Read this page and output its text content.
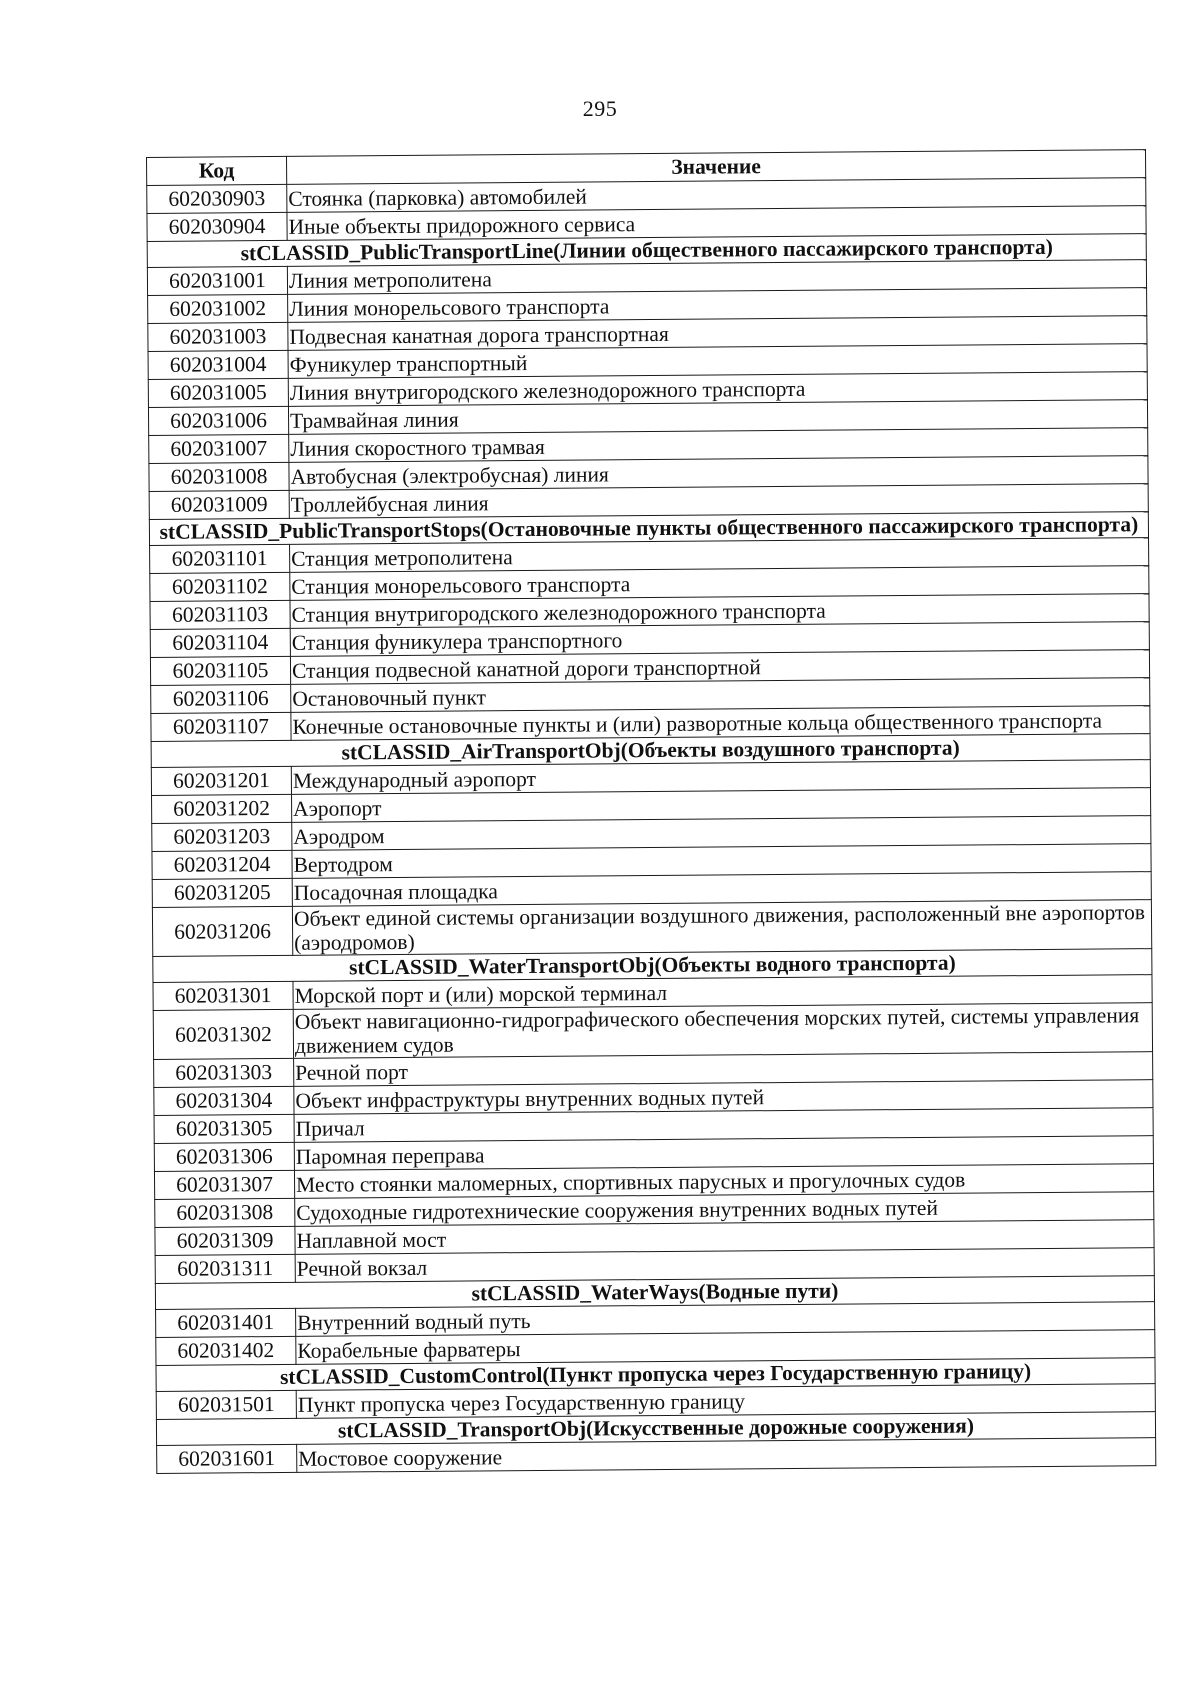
295
Код	Значение
602030903	Стоянка (парковка) автомобилей
602030904	Иные объекты придорожного сервиса
stCLASSID_PublicTransportLine(Линии общественного пассажирского транспорта)	
602031001	Линия метрополитена
602031002	Линия монорельсового транспорта
602031003	Подвесная канатная дорога транспортная
602031004	Фуникулер транспортный
602031005	Линия внутригородского железнодорожного транспорта
602031006	Трамвайная линия
602031007	Линия скоростного трамвая
602031008	Автобусная (электробусная) линия
602031009	Троллейбусная линия
stCLASSID_PublicTransportStops(Остановочные пункты общественного пассажирского транспорта)	
602031101	Станция метрополитена
602031102	Станция монорельсового транспорта
602031103	Станция внутригородского железнодорожного транспорта
602031104	Станция фуникулера транспортного
602031105	Станция подвесной канатной дороги транспортной
602031106	Остановочный пункт
602031107	Конечные остановочные пункты и (или) разворотные кольца общественного транспорта
stCLASSID_AirTransportObj(Объекты воздушного транспорта)	
602031201	Международный аэропорт
602031202	Аэропорт
602031203	Аэродром
602031204	Вертодром
602031205	Посадочная площадка
602031206	Объект единой системы организации воздушного движения, расположенный вне аэропортов (аэродромов)
stCLASSID_WaterTransportObj(Объекты водного транспорта)	
602031301	Морской порт и (или) морской терминал
602031302	Объект навигационно-гидрографического обеспечения морских путей, системы управления движением судов
602031303	Речной порт
602031304	Объект инфраструктуры внутренних водных путей
602031305	Причал
602031306	Паромная переправа
602031307	Место стоянки маломерных, спортивных парусных и прогулочных судов
602031308	Судоходные гидротехнические сооружения внутренних водных путей
602031309	Наплавной мост
602031311	Речной вокзал
stCLASSID_WaterWays(Водные пути)	
602031401	Внутренний водный путь
602031402	Корабельные фарватеры
stCLASSID_CustomControl(Пункт пропуска через Государственную границу)	
602031501	Пункт пропуска через Государственную границу
stCLASSID_TransportObj(Искусственные дорожные сооружения)	
602031601	Мостовое сооружение
